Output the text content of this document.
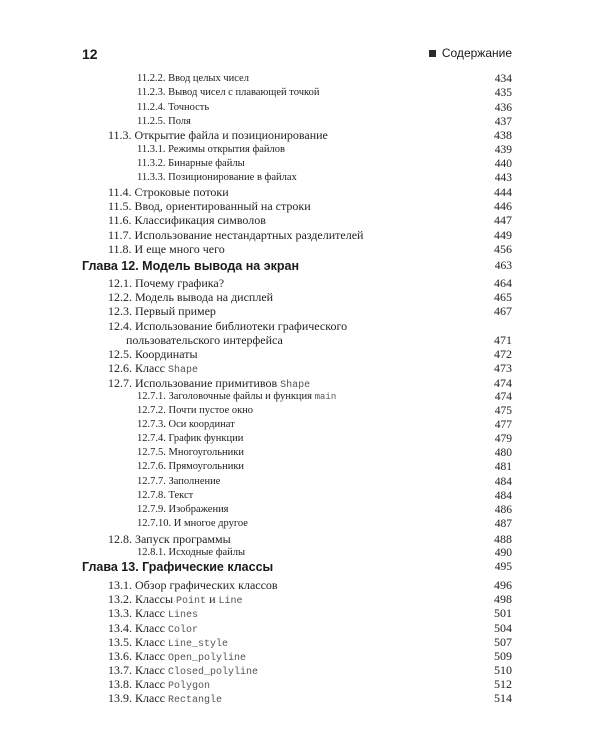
12	Содержание
11.2.2. Ввод целых чисел	434
11.2.3. Вывод чисел с плавающей точкой	435
11.2.4. Точность	436
11.2.5. Поля	437
11.3. Открытие файла и позиционирование	438
11.3.1. Режимы открытия файлов	439
11.3.2. Бинарные файлы	440
11.3.3. Позиционирование в файлах	443
11.4. Строковые потоки	444
11.5. Ввод, ориентированный на строки	446
11.6. Классификация символов	447
11.7. Использование нестандартных разделителей	449
11.8. И еще много чего	456
Глава 12. Модель вывода на экран	463
12.1. Почему графика?	464
12.2. Модель вывода на дисплей	465
12.3. Первый пример	467
12.4. Использование библиотеки графического
пользовательского интерфейса	471
12.5. Координаты	472
12.6. Класс Shape	473
12.7. Использование примитивов Shape	474
12.7.1. Заголовочные файлы и функция main	474
12.7.2. Почти пустое окно	475
12.7.3. Оси координат	477
12.7.4. График функции	479
12.7.5. Многоугольники	480
12.7.6. Прямоугольники	481
12.7.7. Заполнение	484
12.7.8. Текст	484
12.7.9. Изображения	486
12.7.10. И многое другое	487
12.8. Запуск программы	488
12.8.1. Исходные файлы	490
Глава 13. Графические классы	495
13.1. Обзор графических классов	496
13.2. Классы Point и Line	498
13.3. Класс Lines	501
13.4. Класс Color	504
13.5. Класс Line_style	507
13.6. Класс Open_polyline	509
13.7. Класс Closed_polyline	510
13.8. Класс Polygon	512
13.9. Класс Rectangle	514
